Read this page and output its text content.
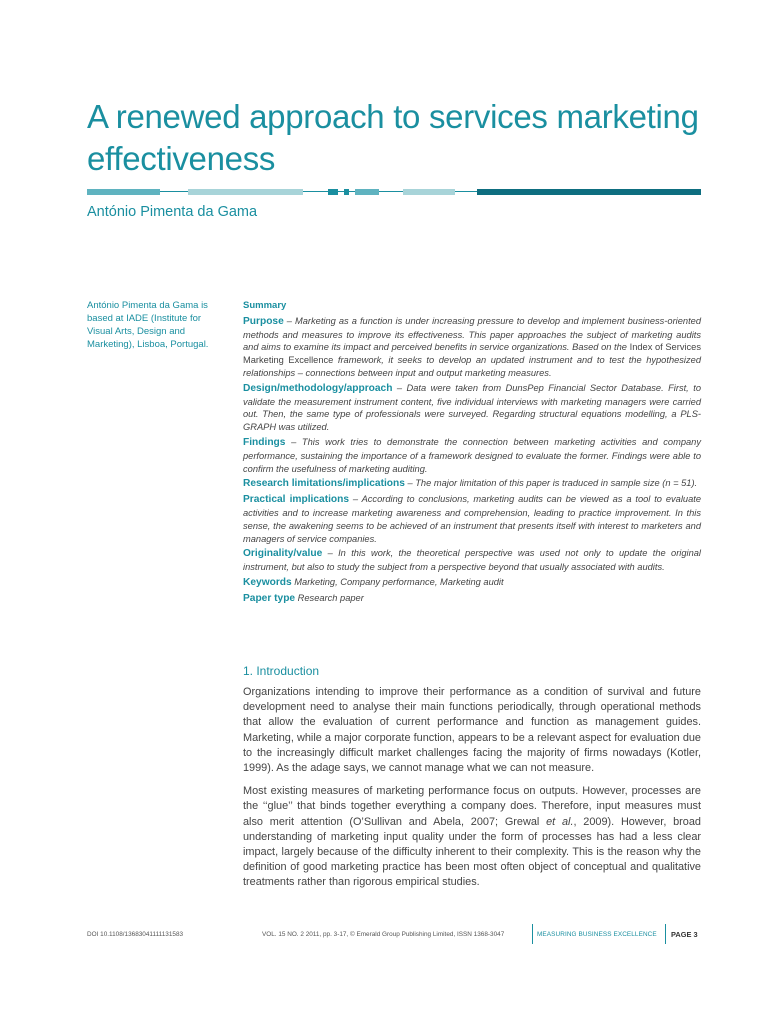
A renewed approach to services marketing effectiveness
António Pimenta da Gama

António Pimenta da Gama is based at IADE (Institute for Visual Arts, Design and Marketing), Lisboa, Portugal.

Summary
Purpose – Marketing as a function is under increasing pressure to develop and implement business-oriented methods and measures to improve its effectiveness. This paper approaches the subject of marketing audits and aims to examine its impact and perceived benefits in service organizations. Based on the Index of Services Marketing Excellence framework, it seeks to develop an updated instrument and to test the hypothesized relationships – connections between input and output marketing measures.
Design/methodology/approach – Data were taken from DunsPep Financial Sector Database. First, to validate the measurement instrument content, five individual interviews with marketing managers were carried out. Then, the same type of professionals were surveyed. Regarding structural equations modelling, a PLS-GRAPH was utilized.
Findings – This work tries to demonstrate the connection between marketing activities and company performance, sustaining the importance of a framework designed to evaluate the former. Findings were able to confirm the usefulness of marketing auditing.
Research limitations/implications – The major limitation of this paper is traduced in sample size (n = 51).
Practical implications – According to conclusions, marketing audits can be viewed as a tool to evaluate activities and to increase marketing awareness and comprehension, leading to practice improvement. In this sense, the awakening seems to be achieved of an instrument that presents itself with interest to marketers and managers of service companies.
Originality/value – In this work, the theoretical perspective was used not only to update the original instrument, but also to study the subject from a perspective beyond that usually associated with audits.
Keywords Marketing, Company performance, Marketing audit
Paper type Research paper
1. Introduction

Organizations intending to improve their performance as a condition of survival and future development need to analyse their main functions periodically, through operational methods that allow the evaluation of current performance and function as management guides. Marketing, while a major corporate function, appears to be a relevant aspect for evaluation due to the increasingly difficult market challenges facing the majority of firms nowadays (Kotler, 1999). As the adage says, we cannot manage what we can not measure.

Most existing measures of marketing performance focus on outputs. However, processes are the ‘‘glue’’ that binds together everything a company does. Therefore, input measures must also merit attention (O’Sullivan and Abela, 2007; Grewal et al., 2009). However, broad understanding of marketing input quality under the form of processes has had a less clear impact, largely because of the difficulty inherent to their complexity. This is the reason why the definition of good marketing practice has been most often object of conceptual and qualitative treatments rather than rigorous empirical studies.

DOI 10.1108/13683041111131583	VOL. 15 NO. 2 2011, pp. 3-17, © Emerald Group Publishing Limited, ISSN 1368-3047	MEASURING BUSINESS EXCELLENCE PAGE 3
